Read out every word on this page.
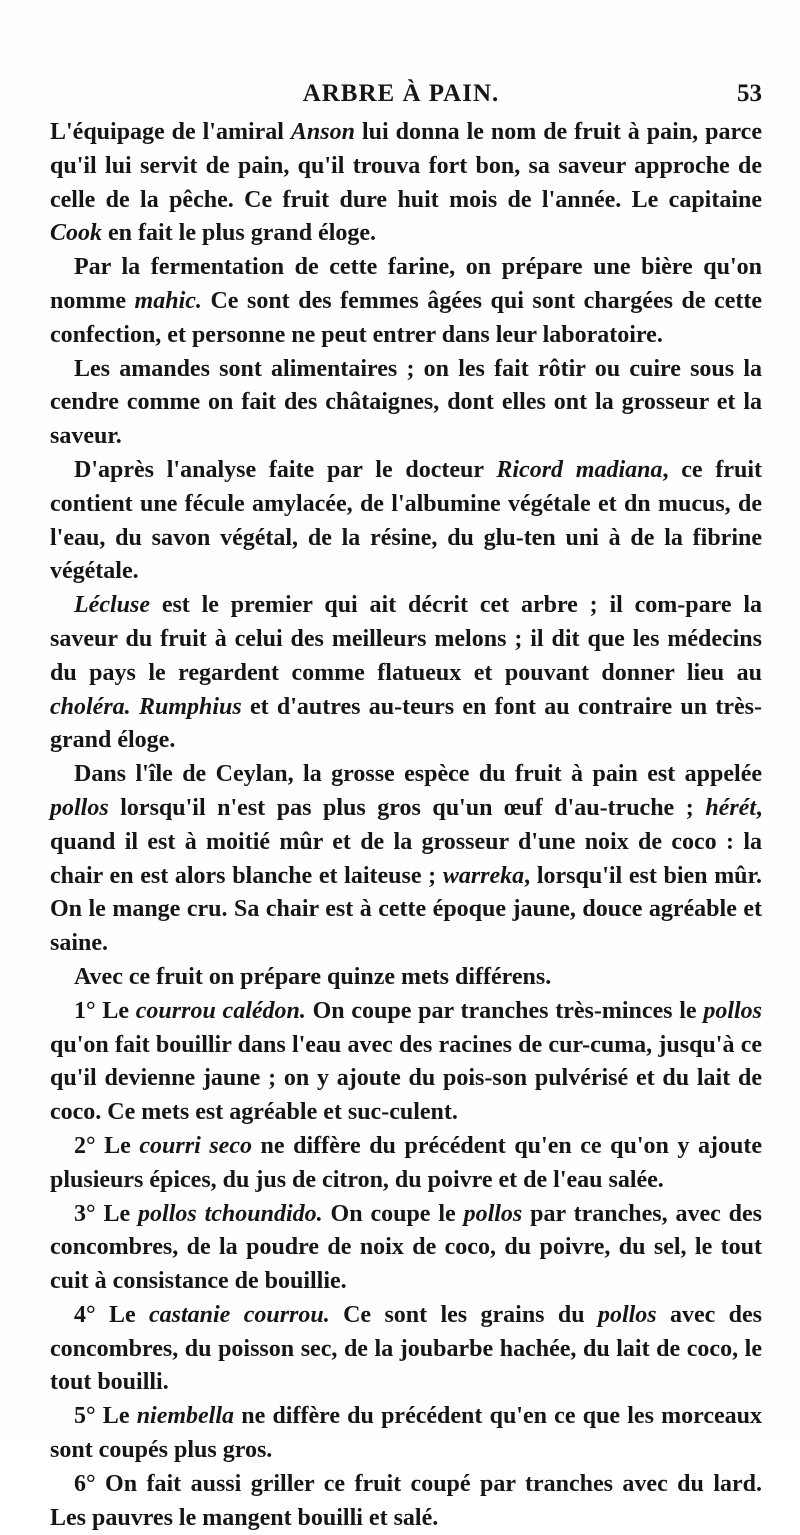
ARBRE À PAIN.	53

L'équipage de l'amiral Anson lui donna le nom de fruit à pain, parce qu'il lui servit de pain, qu'il trouva fort bon, sa saveur approche de celle de la pêche. Ce fruit dure huit mois de l'année. Le capitaine Cook en fait le plus grand éloge.

Par la fermentation de cette farine, on prépare une bière qu'on nomme mahic. Ce sont des femmes âgées qui sont chargées de cette confection, et personne ne peut entrer dans leur laboratoire.

Les amandes sont alimentaires ; on les fait rôtir ou cuire sous la cendre comme on fait des châtaignes, dont elles ont la grosseur et la saveur.

D'après l'analyse faite par le docteur Ricord madiana, ce fruit contient une fécule amylacée, de l'albumine végétale et dn mucus, de l'eau, du savon végétal, de la résine, du glu-ten uni à de la fibrine végétale.

Lécluse est le premier qui ait décrit cet arbre ; il com-pare la saveur du fruit à celui des meilleurs melons ; il dit que les médecins du pays le regardent comme flatueux et pouvant donner lieu au choléra. Rumphius et d'autres au-teurs en font au contraire un très-grand éloge.

Dans l'île de Ceylan, la grosse espèce du fruit à pain est appelée pollos lorsqu'il n'est pas plus gros qu'un œuf d'au-truche ; hérét, quand il est à moitié mûr et de la grosseur d'une noix de coco : la chair en est alors blanche et laiteuse ; warreka, lorsqu'il est bien mûr. On le mange cru. Sa chair est à cette époque jaune, douce agréable et saine.

Avec ce fruit on prépare quinze mets différens.

1° Le courrou calédon. On coupe par tranches très-minces le pollos qu'on fait bouillir dans l'eau avec des racines de cur-cuma, jusqu'à ce qu'il devienne jaune ; on y ajoute du pois-son pulvérisé et du lait de coco. Ce mets est agréable et suc-culent.

2° Le courri seco ne diffère du précédent qu'en ce qu'on y ajoute plusieurs épices, du jus de citron, du poivre et de l'eau salée.

3° Le pollos tchoundido. On coupe le pollos par tranches, avec des concombres, de la poudre de noix de coco, du poivre, du sel, le tout cuit à consistance de bouillie.

4° Le castanie courrou. Ce sont les grains du pollos avec des concombres, du poisson sec, de la joubarbe hachée, du lait de coco, le tout bouilli.

5° Le niembella ne diffère du précédent qu'en ce que les morceaux sont coupés plus gros.

6° On fait aussi griller ce fruit coupé par tranches avec du lard. Les pauvres le mangent bouilli et salé.
